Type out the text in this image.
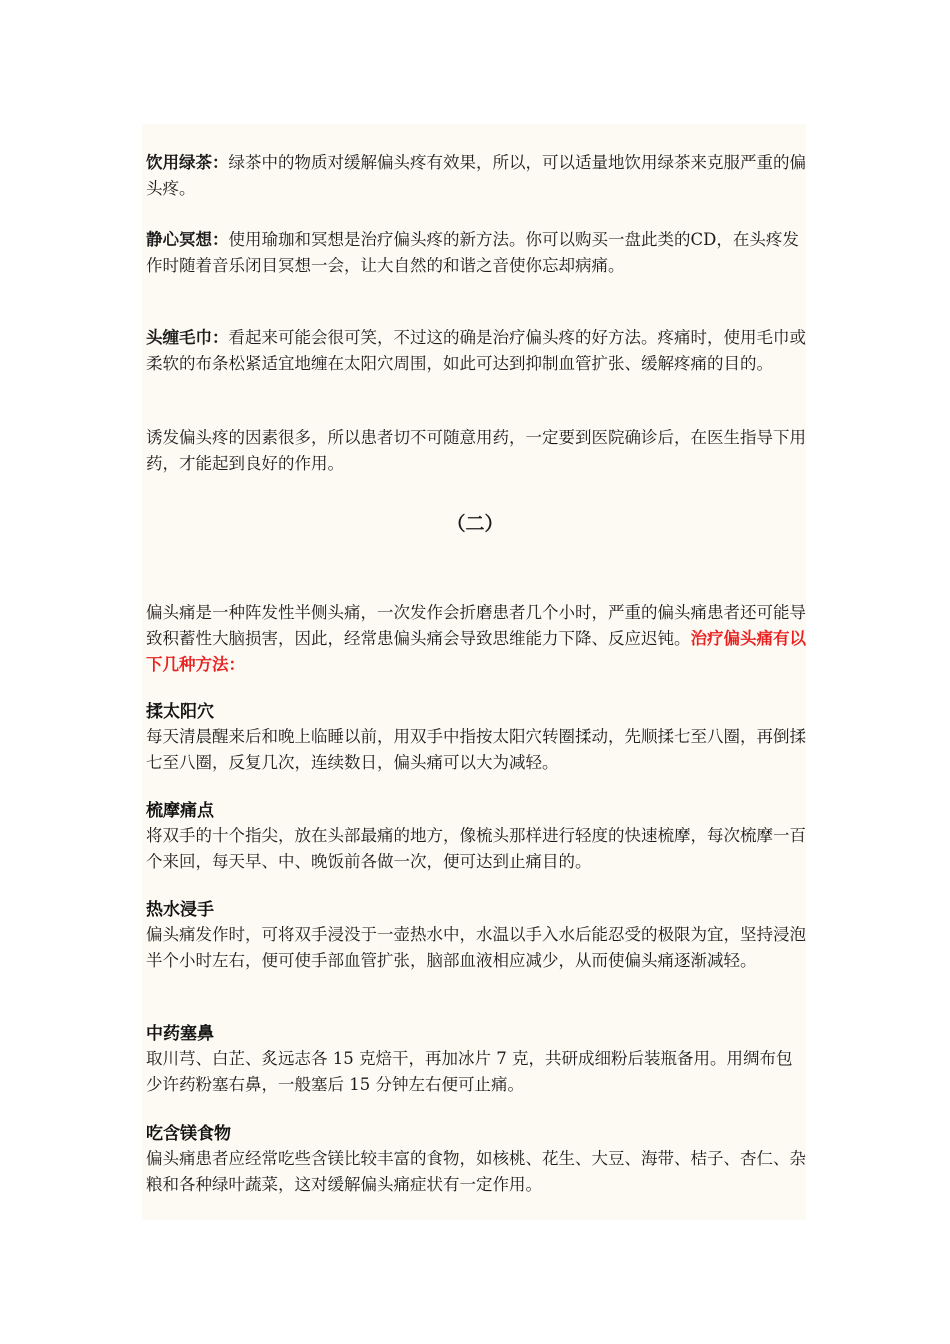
饮用绿茶：绿茶中的物质对缓解偏头疼有效果，所以，可以适量地饮用绿茶来克服严重的偏头疼。

静心冥想：使用瑜珈和冥想是治疗偏头疼的新方法。你可以购买一盘此类的CD，在头疼发作时随着音乐闭目冥想一会，让大自然的和谐之音使你忘却病痛。

头缠毛巾：看起来可能会很可笑，不过这的确是治疗偏头疼的好方法。疼痛时，使用毛巾或柔软的布条松紧适宜地缠在太阳穴周围，如此可达到抑制血管扩张、缓解疼痛的目的。

诱发偏头疼的因素很多，所以患者切不可随意用药，一定要到医院确诊后，在医生指导下用药，才能起到良好的作用。

（二）

偏头痛是一种阵发性半侧头痛，一次发作会折磨患者几个小时，严重的偏头痛患者还可能导致积蓄性大脑损害，因此，经常患偏头痛会导致思维能力下降、反应迟钝。治疗偏头痛有以下几种方法：

揉太阳穴

每天清晨醒来后和晚上临睡以前，用双手中指按太阳穴转圈揉动，先顺揉七至八圈，再倒揉七至八圈，反复几次，连续数日，偏头痛可以大为减轻。

梳摩痛点

将双手的十个指尖，放在头部最痛的地方，像梳头那样进行轻度的快速梳摩，每次梳摩一百个来回，每天早、中、晚饭前各做一次，便可达到止痛目的。

热水浸手

偏头痛发作时，可将双手浸没于一壶热水中，水温以手入水后能忍受的极限为宜，坚持浸泡半个小时左右，便可使手部血管扩张，脑部血液相应减少，从而使偏头痛逐渐减轻。

中药塞鼻

取川芎、白芷、炙远志各 15 克焙干，再加冰片 7 克，共研成细粉后装瓶备用。用绸布包少许药粉塞右鼻，一般塞后 15 分钟左右便可止痛。

吃含镁食物

偏头痛患者应经常吃些含镁比较丰富的食物，如核桃、花生、大豆、海带、桔子、杏仁、杂粮和各种绿叶蔬菜，这对缓解偏头痛症状有一定作用。
